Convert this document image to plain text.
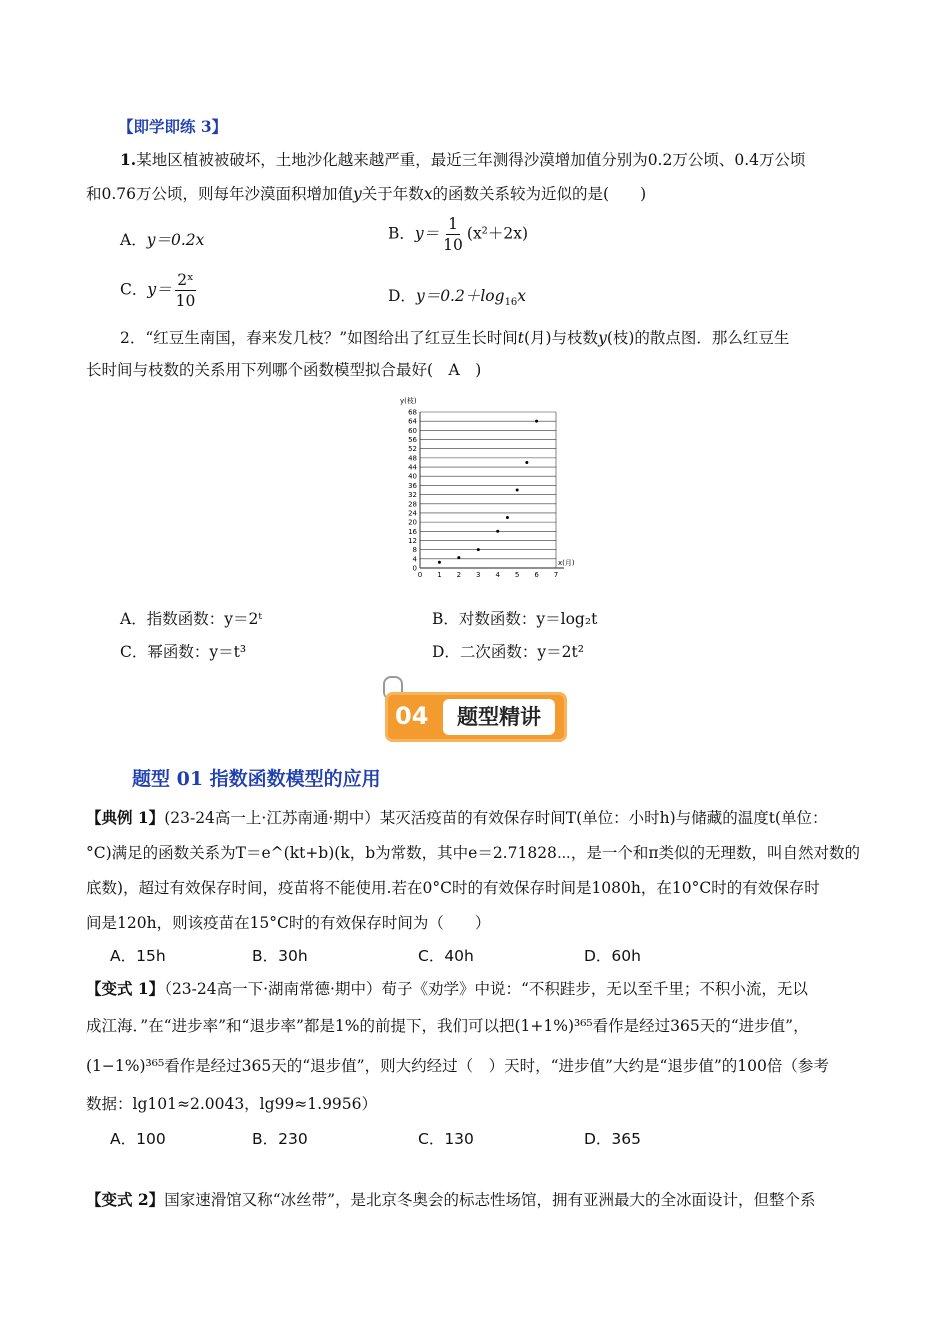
【即学即练 3】
1.某地区植被被破坏，土地沙化越来越严重，最近三年测得沙漠增加值分别为0.2万公顷、0.4万公顷
和0.76万公顷，则每年沙漠面积增加值y关于年数x的函数关系较为近似的是(　　)
A．y＝0.2x	B．$y= \frac{1}{10} (x^2+2x)$
C．$y= \frac{\text{2ˣ}}{10}$	D．$y=0.2+\log_{16}x$
2．“红豆生南国，春来发几枝？”如图给出了红豆生长时间t(月)与枝数y(枝)的散点图．那么红豆生
长时间与枝数的关系用下列哪个函数模型拟合最好(　A　)
0
4
8
12
16
20
24
28
32
36
40
44
48
52
56
60
64
68
0 1 2 3 4 5 6 7
y(枝)
x(月)
A．指数函数：y＝2ᵗ	B．对数函数：y＝log₂t
C．幂函数：y＝t³	D．二次函数：y＝2t²
04	题型精讲
题型 01 指数函数模型的应用
【典例 1】(23-24高一上·江苏南通·期中）某灭活疫苗的有效保存时间T(单位：小时h)与储藏的温度t(单位：
°C)满足的函数关系为T＝e^(kt+b)(k，b为常数，其中e＝2.71828⋯，是一个和π类似的无理数，叫自然对数的
底数)，超过有效保存时间，疫苗将不能使用.若在0°C时的有效保存时间是1080h，在10°C时的有效保存时
间是120h，则该疫苗在15°C时的有效保存时间为（　　）
A．15h	B．30h	C．40h	D．60h
【变式 1】（23-24高一下·湖南常德·期中）荀子《劝学》中说：“不积跬步，无以至千里；不积小流，无以
成江海．”在“进步率”和“退步率”都是1%的前提下，我们可以把(1+1%)³⁶⁵看作是经过365天的“进步值”，
(1−1%)³⁶⁵看作是经过365天的“退步值”，则大约经过（　）天时，“进步值”大约是“退步值”的100倍（参考
数据：lg101≈2.0043，lg99≈1.9956）
A．100	B．230	C．130	D．365
【变式 2】国家速滑馆又称“冰丝带”，是北京冬奥会的标志性场馆，拥有亚洲最大的全冰面设计，但整个系
